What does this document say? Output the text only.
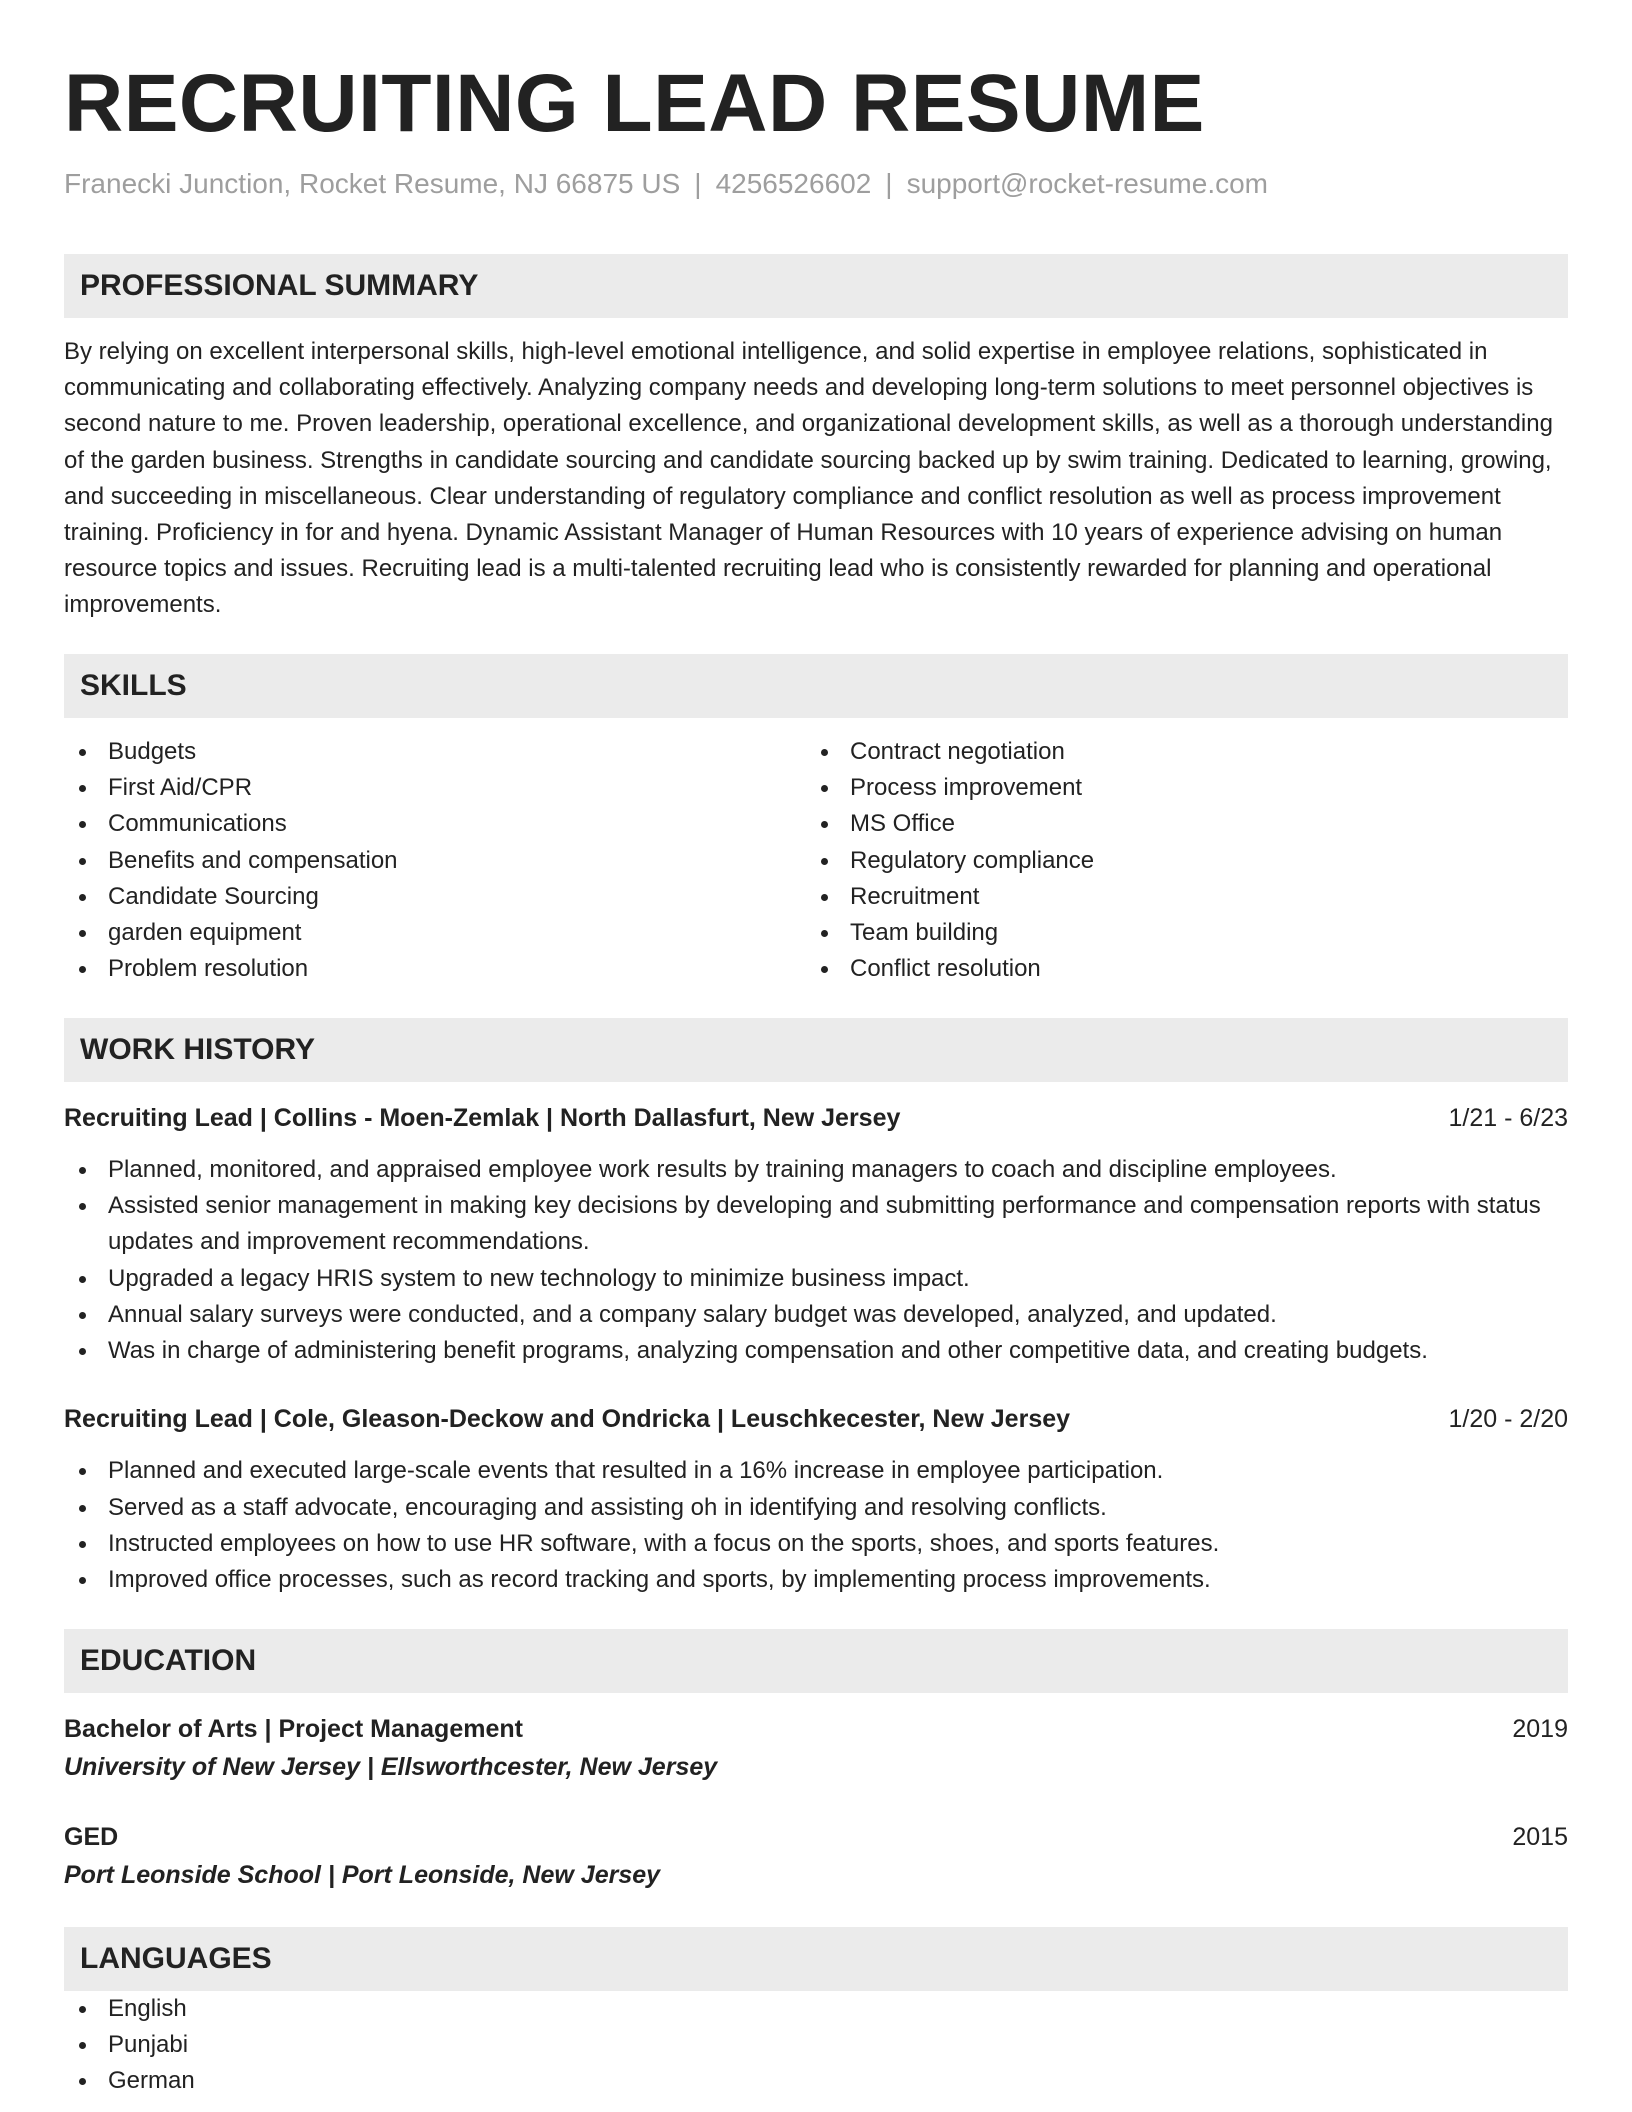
RECRUITING LEAD RESUME
Franecki Junction, Rocket Resume, NJ 66875 US | 4256526602 | support@rocket-resume.com
PROFESSIONAL SUMMARY

By relying on excellent interpersonal skills, high-level emotional intelligence, and solid expertise in employee relations, sophisticated in communicating and collaborating effectively. Analyzing company needs and developing long-term solutions to meet personnel objectives is second nature to me. Proven leadership, operational excellence, and organizational development skills, as well as a thorough understanding of the garden business. Strengths in candidate sourcing and candidate sourcing backed up by swim training. Dedicated to learning, growing, and succeeding in miscellaneous. Clear understanding of regulatory compliance and conflict resolution as well as process improvement training. Proficiency in for and hyena. Dynamic Assistant Manager of Human Resources with 10 years of experience advising on human resource topics and issues. Recruiting lead is a multi-talented recruiting lead who is consistently rewarded for planning and operational improvements.

SKILLS
Budgets
First Aid/CPR
Communications
Benefits and compensation
Candidate Sourcing
garden equipment
Problem resolution
Contract negotiation
Process improvement
MS Office
Regulatory compliance
Recruitment
Team building
Conflict resolution
WORK HISTORY
Recruiting Lead | Collins - Moen-Zemlak | North Dallasfurt, New Jersey	1/21 - 6/23
Planned, monitored, and appraised employee work results by training managers to coach and discipline employees.
Assisted senior management in making key decisions by developing and submitting performance and compensation reports with status updates and improvement recommendations.
Upgraded a legacy HRIS system to new technology to minimize business impact.
Annual salary surveys were conducted, and a company salary budget was developed, analyzed, and updated.
Was in charge of administering benefit programs, analyzing compensation and other competitive data, and creating budgets.
Recruiting Lead | Cole, Gleason-Deckow and Ondricka | Leuschkecester, New Jersey	1/20 - 2/20
Planned and executed large-scale events that resulted in a 16% increase in employee participation.
Served as a staff advocate, encouraging and assisting oh in identifying and resolving conflicts.
Instructed employees on how to use HR software, with a focus on the sports, shoes, and sports features.
Improved office processes, such as record tracking and sports, by implementing process improvements.
EDUCATION
Bachelor of Arts | Project Management	2019
University of New Jersey | Ellsworthcester, New Jersey
GED	2015
Port Leonside School | Port Leonside, New Jersey
LANGUAGES
English
Punjabi
German
